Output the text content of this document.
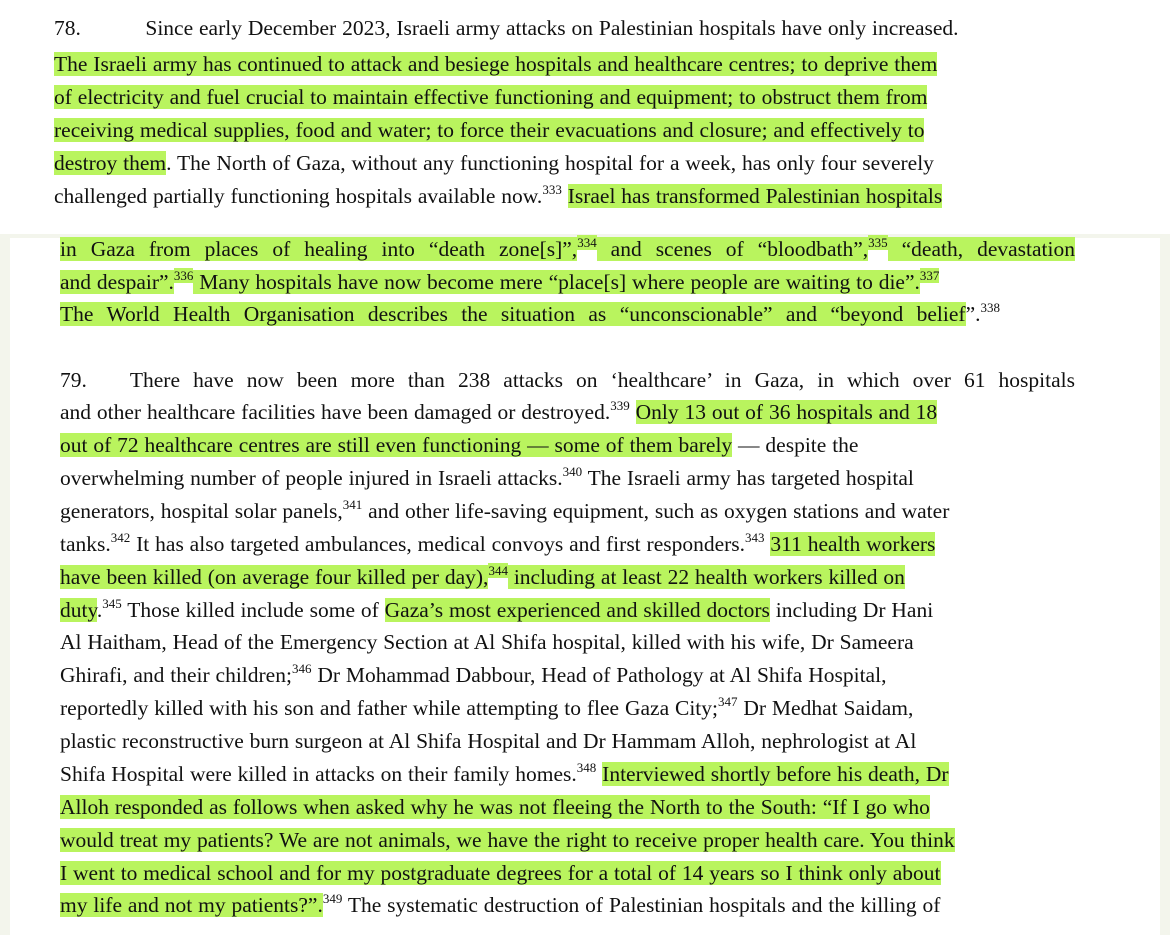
78.   Since early December 2023, Israeli army attacks on Palestinian hospitals have only increased.
The Israeli army has continued to attack and besiege hospitals and healthcare centres; to deprive them
of electricity and fuel crucial to maintain effective functioning and equipment; to obstruct them from
receiving medical supplies, food and water; to force their evacuations and closure; and effectively to
destroy them. The North of Gaza, without any functioning hospital for a week, has only four severely
challenged partially functioning hospitals available now.$^{333}$ Israel has transformed Palestinian hospitals
in Gaza from places of healing into “death zone[s]”,$^{334}$ and scenes of “bloodbath”,$^{335}$ “death, devastation
and despair”.$^{336}$ Many hospitals have now become mere “place[s] where people are waiting to die”.$^{337}$
The World Health Organisation describes the situation as “unconscionable” and “beyond belief”.$^{338}$
79.  There have now been more than 238 attacks on ‘healthcare’ in Gaza, in which over 61 hospitals
and other healthcare facilities have been damaged or destroyed.$^{339}$ Only 13 out of 36 hospitals and 18
out of 72 healthcare centres are still even functioning — some of them barely — despite the
overwhelming number of people injured in Israeli attacks.$^{340}$ The Israeli army has targeted hospital
generators, hospital solar panels,$^{341}$ and other life-saving equipment, such as oxygen stations and water
tanks.$^{342}$ It has also targeted ambulances, medical convoys and first responders.$^{343}$ 311 health workers
have been killed (on average four killed per day),$^{344}$ including at least 22 health workers killed on
duty.$^{345}$ Those killed include some of Gaza’s most experienced and skilled doctors including Dr Hani
Al Haitham, Head of the Emergency Section at Al Shifa hospital, killed with his wife, Dr Sameera
Ghirafi, and their children;$^{346}$ Dr Mohammad Dabbour, Head of Pathology at Al Shifa Hospital,
reportedly killed with his son and father while attempting to flee Gaza City;$^{347}$ Dr Medhat Saidam,
plastic reconstructive burn surgeon at Al Shifa Hospital and Dr Hammam Alloh, nephrologist at Al
Shifa Hospital were killed in attacks on their family homes.$^{348}$ Interviewed shortly before his death, Dr
Alloh responded as follows when asked why he was not fleeing the North to the South: “If I go who
would treat my patients? We are not animals, we have the right to receive proper health care. You think
I went to medical school and for my postgraduate degrees for a total of 14 years so I think only about
my life and not my patients?”.$^{349}$ The systematic destruction of Palestinian hospitals and the killing of
